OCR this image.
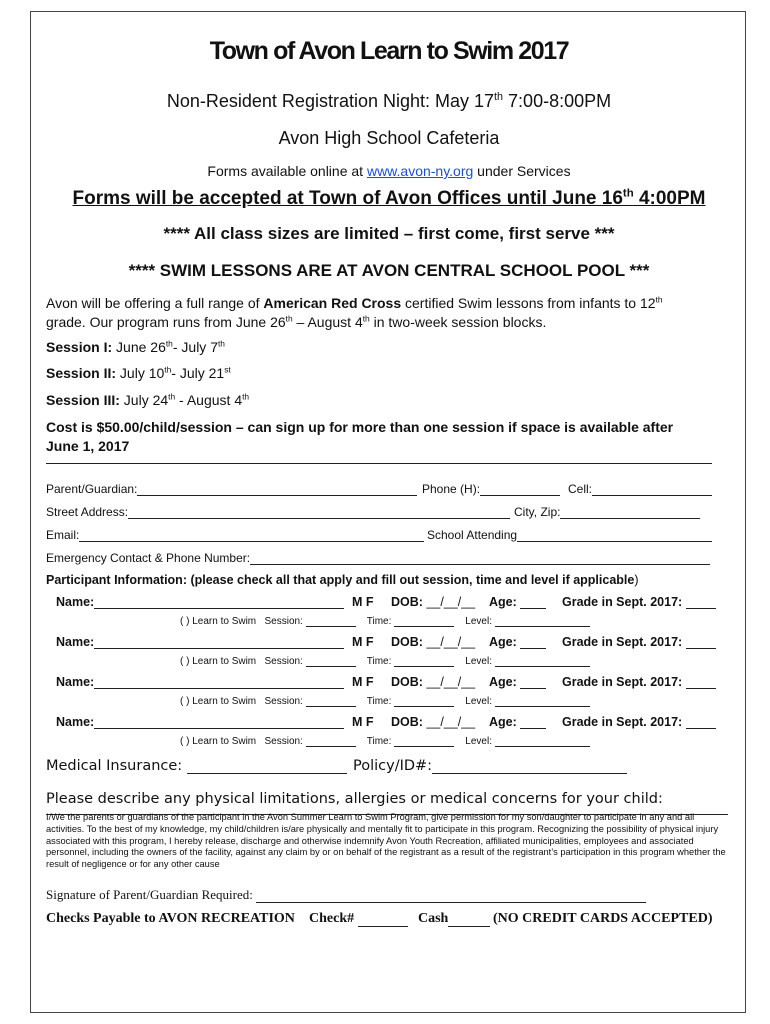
Town of Avon Learn to Swim 2017
Non-Resident Registration Night: May 17th 7:00-8:00PM
Avon High School Cafeteria
Forms available online at www.avon-ny.org under Services
Forms will be accepted at Town of Avon Offices until June 16th 4:00PM
**** All class sizes are limited – first come, first serve ***
**** SWIM LESSONS ARE AT AVON CENTRAL SCHOOL POOL ***
Avon will be offering a full range of American Red Cross certified Swim lessons from infants to 12th
grade. Our program runs from June 26th – August 4th in two-week session blocks.
Session I: June 26th- July 7th
Session II: July 10th- July 21st
Session III: July 24th - August 4th
Cost is $50.00/child/session – can sign up for more than one session if space is available after
June 1, 2017
Parent/Guardian:	Phone (H):	Cell:
Street Address:	City, Zip:
Email:	School Attending
Emergency Contact & Phone Number:
Participant Information: (please check all that apply and fill out session, time and level if applicable)
Name:	M F DOB: __/__/__ Age:	Grade in Sept. 2017:
( ) Learn to Swim Session:	Time:	Level:
Name:	M F DOB: __/__/__ Age:	Grade in Sept. 2017:
( ) Learn to Swim Session:	Time:	Level:
Name:	M F DOB: __/__/__ Age:	Grade in Sept. 2017:
( ) Learn to Swim Session:	Time:	Level:
Name:	M F DOB: __/__/__ Age:	Grade in Sept. 2017:
( ) Learn to Swim Session:	Time:	Level:
Medical Insurance:	Policy/ID#:
Please describe any physical limitations, allergies or medical concerns for your child:
I/We the parents or guardians of the participant in the Avon Summer Learn to Swim Program, give permission for my son/daughter to participate in any and all activities. To the best of my knowledge, my child/children is/are physically and mentally fit to participate in this program. Recognizing the possibility of physical injury associated with this program, I hereby release, discharge and otherwise indemnify Avon Youth Recreation, affiliated municipalities, employees and associated personnel, including the owners of the facility, against any claim by or on behalf of the registrant as a result of the registrant’s participation in this program whether the result of negligence or for any other cause
Signature of Parent/Guardian Required:
Checks Payable to AVON RECREATION Check#	Cash	(NO CREDIT CARDS ACCEPTED)
